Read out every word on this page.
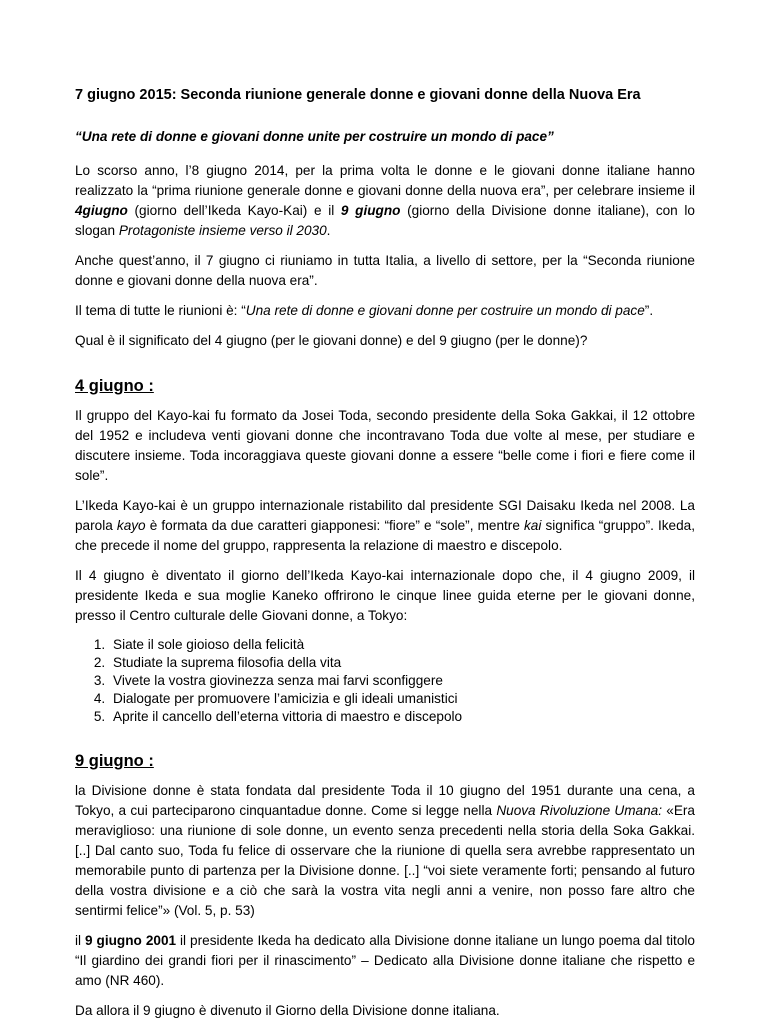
7 giugno 2015: Seconda riunione generale donne e giovani donne della Nuova Era

“Una rete di donne e giovani donne unite per costruire un mondo di pace”

Lo scorso anno, l’8 giugno 2014, per la prima volta le donne e le giovani donne italiane hanno realizzato la “prima riunione generale donne e giovani donne della nuova era”, per celebrare insieme il 4giugno (giorno dell’Ikeda Kayo-Kai) e il 9 giugno (giorno della Divisione donne italiane), con lo slogan Protagoniste insieme verso il 2030.

Anche quest’anno, il 7 giugno ci riuniamo in tutta Italia, a livello di settore, per la “Seconda riunione donne e giovani donne della nuova era”.

Il tema di tutte le riunioni è: “Una rete di donne e giovani donne per costruire un mondo di pace”.

Qual è il significato del 4 giugno (per le giovani donne) e del 9 giugno (per le donne)?

4 giugno :

Il gruppo del Kayo-kai fu formato da Josei Toda, secondo presidente della Soka Gakkai, il 12 ottobre del 1952 e includeva venti giovani donne che incontravano Toda due volte al mese, per studiare e discutere insieme. Toda incoraggiava queste giovani donne a essere “belle come i fiori e fiere come il sole”.

L’Ikeda Kayo-kai è un gruppo internazionale ristabilito dal presidente SGI Daisaku Ikeda nel 2008. La parola kayo è formata da due caratteri giapponesi: “fiore” e “sole”, mentre kai significa “gruppo”. Ikeda, che precede il nome del gruppo, rappresenta la relazione di maestro e discepolo.

Il 4 giugno è diventato il giorno dell’Ikeda Kayo-kai internazionale dopo che, il 4 giugno 2009, il presidente Ikeda e sua moglie Kaneko offrirono le cinque linee guida eterne per le giovani donne, presso il Centro culturale delle Giovani donne, a Tokyo:

1. Siate il sole gioioso della felicità
2. Studiate la suprema filosofia della vita
3. Vivete la vostra giovinezza senza mai farvi sconfiggere
4. Dialogate per promuovere l’amicizia e gli ideali umanistici
5. Aprite il cancello dell’eterna vittoria di maestro e discepolo
9 giugno :

la Divisione donne è stata fondata dal presidente Toda il 10 giugno del 1951 durante una cena, a Tokyo, a cui parteciparono cinquantadue donne. Come si legge nella Nuova Rivoluzione Umana: «Era meraviglioso: una riunione di sole donne, un evento senza precedenti nella storia della Soka Gakkai. [..] Dal canto suo, Toda fu felice di osservare che la riunione di quella sera avrebbe rappresentato un memorabile punto di partenza per la Divisione donne. [..] “voi siete veramente forti; pensando al futuro della vostra divisione e a ciò che sarà la vostra vita negli anni a venire, non posso fare altro che sentirmi felice”» (Vol. 5, p. 53)

il 9 giugno 2001 il presidente Ikeda ha dedicato alla Divisione donne italiane un lungo poema dal titolo “Il giardino dei grandi fiori per il rinascimento” – Dedicato alla Divisione donne italiane che rispetto e amo (NR 460).

Da allora il 9 giugno è divenuto il Giorno della Divisione donne italiana.
